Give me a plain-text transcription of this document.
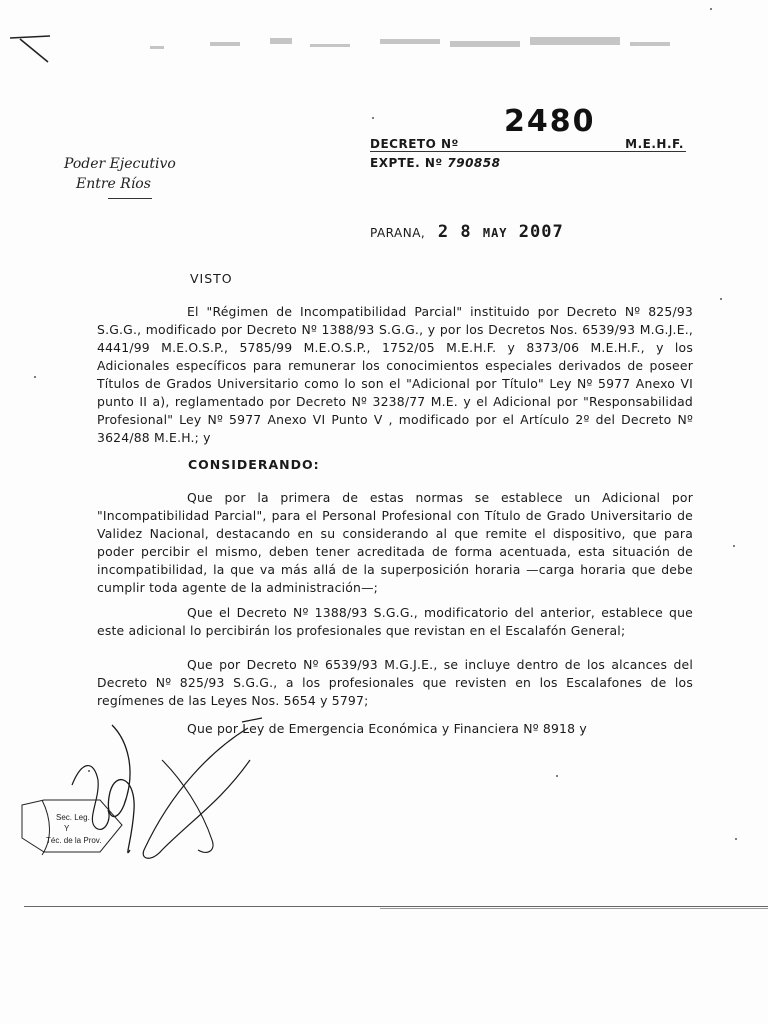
Poder Ejecutivo
Entre Ríos
2480
DECRETO Nº	M.E.H.F.
EXPTE. Nº 790858
PARANA, 2 8 MAY 2007
VISTO
El "Régimen de Incompatibilidad Parcial" instituido por Decreto Nº 825/93 S.G.G., modificado por Decreto Nº 1388/93 S.G.G., y por los Decretos Nos. 6539/93 M.G.J.E., 4441/99 M.E.O.S.P., 5785/99 M.E.O.S.P., 1752/05 M.E.H.F. y 8373/06 M.E.H.F., y los Adicionales específicos para remunerar los conocimientos especiales derivados de poseer Títulos de Grados Universitario como lo son el "Adicional por Título" Ley Nº 5977 Anexo VI punto II a), reglamentado por Decreto Nº 3238/77 M.E. y el Adicional por "Responsabilidad Profesional" Ley Nº 5977 Anexo VI Punto V , modificado por el Artículo 2º del Decreto Nº 3624/88 M.E.H.; y
CONSIDERANDO:
Que por la primera de estas normas se establece un Adicional por "Incompatibilidad Parcial", para el Personal Profesional con Título de Grado Universitario de Validez Nacional, destacando en su considerando al que remite el dispositivo, que para poder percibir el mismo, deben tener acreditada de forma acentuada, esta situación de incompatibilidad, la que va más allá de la superposición horaria —carga horaria que debe cumplir toda agente de la administración—;
Que el Decreto Nº 1388/93 S.G.G., modificatorio del anterior, establece que este adicional lo percibirán los profesionales que revistan en el Escalafón General;
Que por Decreto Nº 6539/93 M.G.J.E., se incluye dentro de los alcances del Decreto Nº 825/93 S.G.G., a los profesionales que revisten en los Escalafones de los regímenes de las Leyes Nos. 5654 y 5797;
Que por Ley de Emergencia Económica y Financiera Nº 8918 y
Sec. Leg.
Y
Téc. de la Prov.
